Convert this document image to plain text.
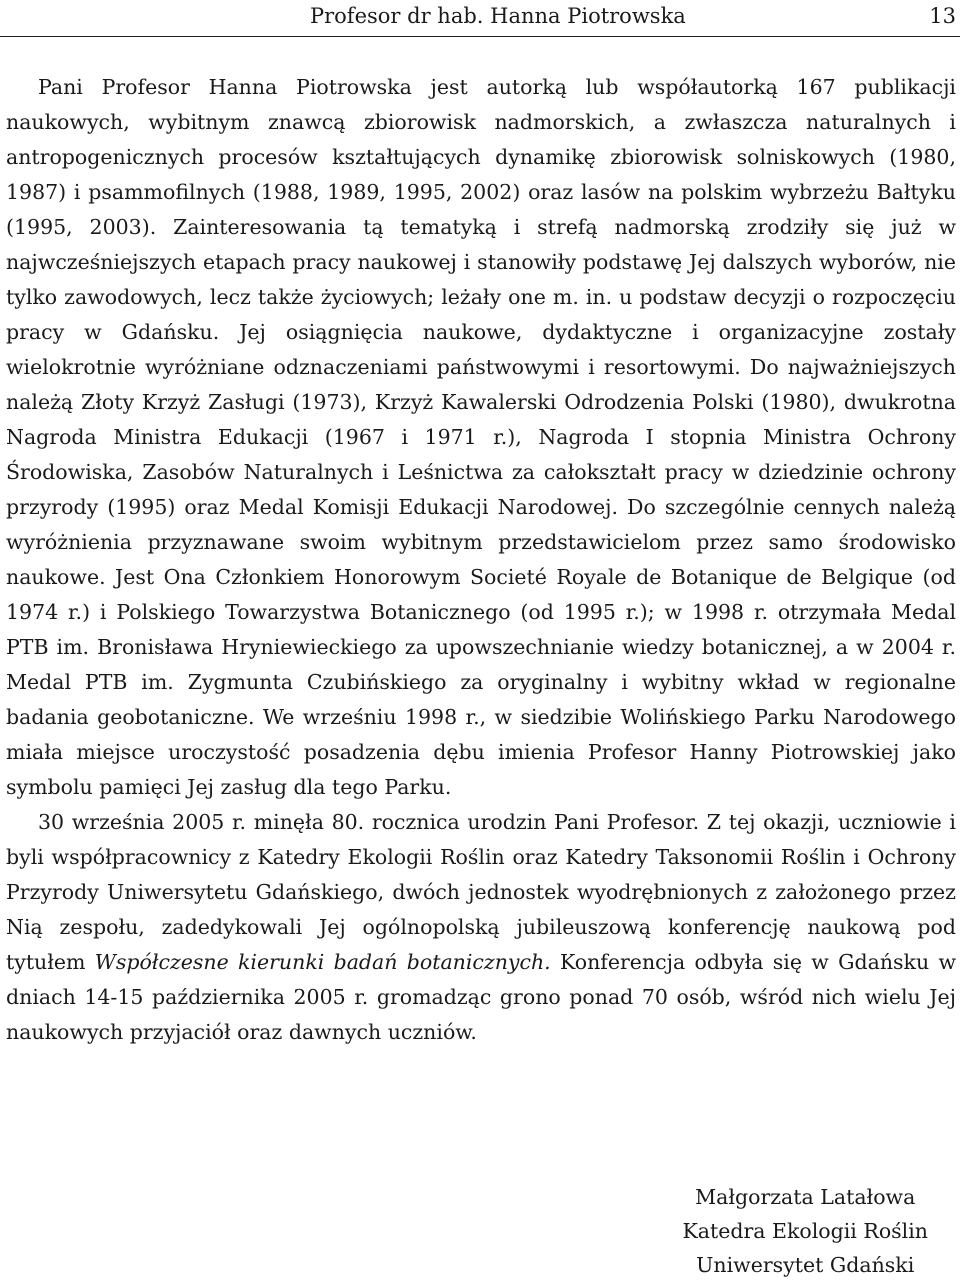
Profesor dr hab. Hanna Piotrowska	13

Pani Profesor Hanna Piotrowska jest autorką lub współautorką 167 publikacji naukowych, wybitnym znawcą zbiorowisk nadmorskich, a zwłaszcza naturalnych i antropogenicznych procesów kształtujących dynamikę zbiorowisk solniskowych (1980, 1987) i psammofilnych (1988, 1989, 1995, 2002) oraz lasów na polskim wybrzeżu Bałtyku (1995, 2003). Zainteresowania tą tematyką i strefą nadmorską zrodziły się już w najwcześniejszych etapach pracy naukowej i stanowiły podstawę Jej dalszych wyborów, nie tylko zawodowych, lecz także życiowych; leżały one m. in. u podstaw decyzji o rozpoczęciu pracy w Gdańsku. Jej osiągnięcia naukowe, dydaktyczne i organizacyjne zostały wielokrotnie wyróżniane odznaczeniami państwowymi i resortowymi. Do najważniejszych należą Złoty Krzyż Zasługi (1973), Krzyż Kawalerski Odrodzenia Polski (1980), dwukrotna Nagroda Ministra Edukacji (1967 i 1971 r.), Nagroda I stopnia Ministra Ochrony Środowiska, Zasobów Naturalnych i Leśnictwa za całokształt pracy w dziedzinie ochrony przyrody (1995) oraz Medal Komisji Edukacji Narodowej. Do szczególnie cennych należą wyróżnienia przyznawane swoim wybitnym przedstawicielom przez samo środowisko naukowe. Jest Ona Członkiem Honorowym Societé Royale de Botanique de Belgique (od 1974 r.) i Polskiego Towarzystwa Botanicznego (od 1995 r.); w 1998 r. otrzymała Medal PTB im. Bronisława Hryniewieckiego za upowszechnianie wiedzy botanicznej, a w 2004 r. Medal PTB im. Zygmunta Czubińskiego za oryginalny i wybitny wkład w regionalne badania geobotaniczne. We wrześniu 1998 r., w siedzibie Wolińskiego Parku Narodowego miała miejsce uroczystość posadzenia dębu imienia Profesor Hanny Piotrowskiej jako symbolu pamięci Jej zasług dla tego Parku.

30 września 2005 r. minęła 80. rocznica urodzin Pani Profesor. Z tej okazji, uczniowie i byli współpracownicy z Katedry Ekologii Roślin oraz Katedry Taksonomii Roślin i Ochrony Przyrody Uniwersytetu Gdańskiego, dwóch jednostek wyodrębnionych z założonego przez Nią zespołu, zadedykowali Jej ogólnopolską jubileuszową konferencję naukową pod tytułem Współczesne kierunki badań botanicznych. Konferencja odbyła się w Gdańsku w dniach 14-15 października 2005 r. gromadząc grono ponad 70 osób, wśród nich wielu Jej naukowych przyjaciół oraz dawnych uczniów.

Małgorzata Latałowa
Katedra Ekologii Roślin
Uniwersytet Gdański
